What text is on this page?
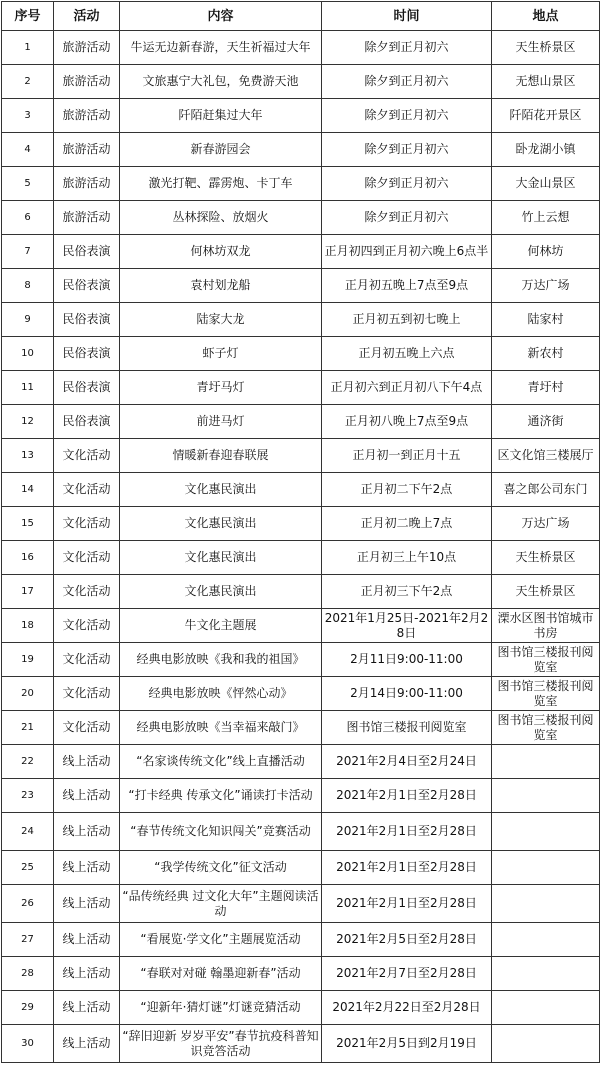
序号	活动	内容	时间	地点
1	旅游活动	牛运无边新春游，天生祈福过大年	除夕到正月初六	天生桥景区
2	旅游活动	文旅惠宁大礼包，免费游天池	除夕到正月初六	无想山景区
3	旅游活动	阡陌赶集过大年	除夕到正月初六	阡陌花开景区
4	旅游活动	新春游园会	除夕到正月初六	卧龙湖小镇
5	旅游活动	激光打靶、霹雳炮、卡丁车	除夕到正月初六	大金山景区
6	旅游活动	丛林探险、放烟火	除夕到正月初六	竹上云想
7	民俗表演	何林坊双龙	正月初四到正月初六晚上6点半	何林坊
8	民俗表演	袁村划龙船	正月初五晚上7点至9点	万达广场
9	民俗表演	陆家大龙	正月初五到初七晚上	陆家村
10	民俗表演	虾子灯	正月初五晚上六点	新农村
11	民俗表演	青圩马灯	正月初六到正月初八下午4点	青圩村
12	民俗表演	前进马灯	正月初八晚上7点至9点	通济街
13	文化活动	情暖新春迎春联展	正月初一到正月十五	区文化馆三楼展厅
14	文化活动	文化惠民演出	正月初二下午2点	喜之郎公司东门
15	文化活动	文化惠民演出	正月初二晚上7点	万达广场
16	文化活动	文化惠民演出	正月初三上午10点	天生桥景区
17	文化活动	文化惠民演出	正月初三下午2点	天生桥景区
18	文化活动	牛文化主题展	2021年1月25日-2021年2月28日	溧水区图书馆城市书房
19	文化活动	经典电影放映《我和我的祖国》	2月11日9:00-11:00	图书馆三楼报刊阅览室
20	文化活动	经典电影放映《怦然心动》	2月14日9:00-11:00	图书馆三楼报刊阅览室
21	文化活动	经典电影放映《当幸福来敲门》	图书馆三楼报刊阅览室	图书馆三楼报刊阅览室
22	线上活动	“名家谈传统文化”线上直播活动	2021年2月4日至2月24日	
23	线上活动	“打卡经典 传承文化”诵读打卡活动	2021年2月1日至2月28日	
24	线上活动	“春节传统文化知识闯关”竞赛活动	2021年2月1日至2月28日	
25	线上活动	“我学传统文化”征文活动	2021年2月1日至2月28日	
26	线上活动	“品传统经典 过文化大年”主题阅读活动	2021年2月1日至2月28日	
27	线上活动	“看展览·学文化”主题展览活动	2021年2月5日至2月28日	
28	线上活动	“春联对对碰 翰墨迎新春”活动	2021年2月7日至2月28日	
29	线上活动	“迎新年·猜灯谜”灯谜竞猜活动	2021年2月22日至2月28日	
30	线上活动	“辞旧迎新 岁岁平安”春节抗疫科普知识竞答活动	2021年2月5日到2月19日	
